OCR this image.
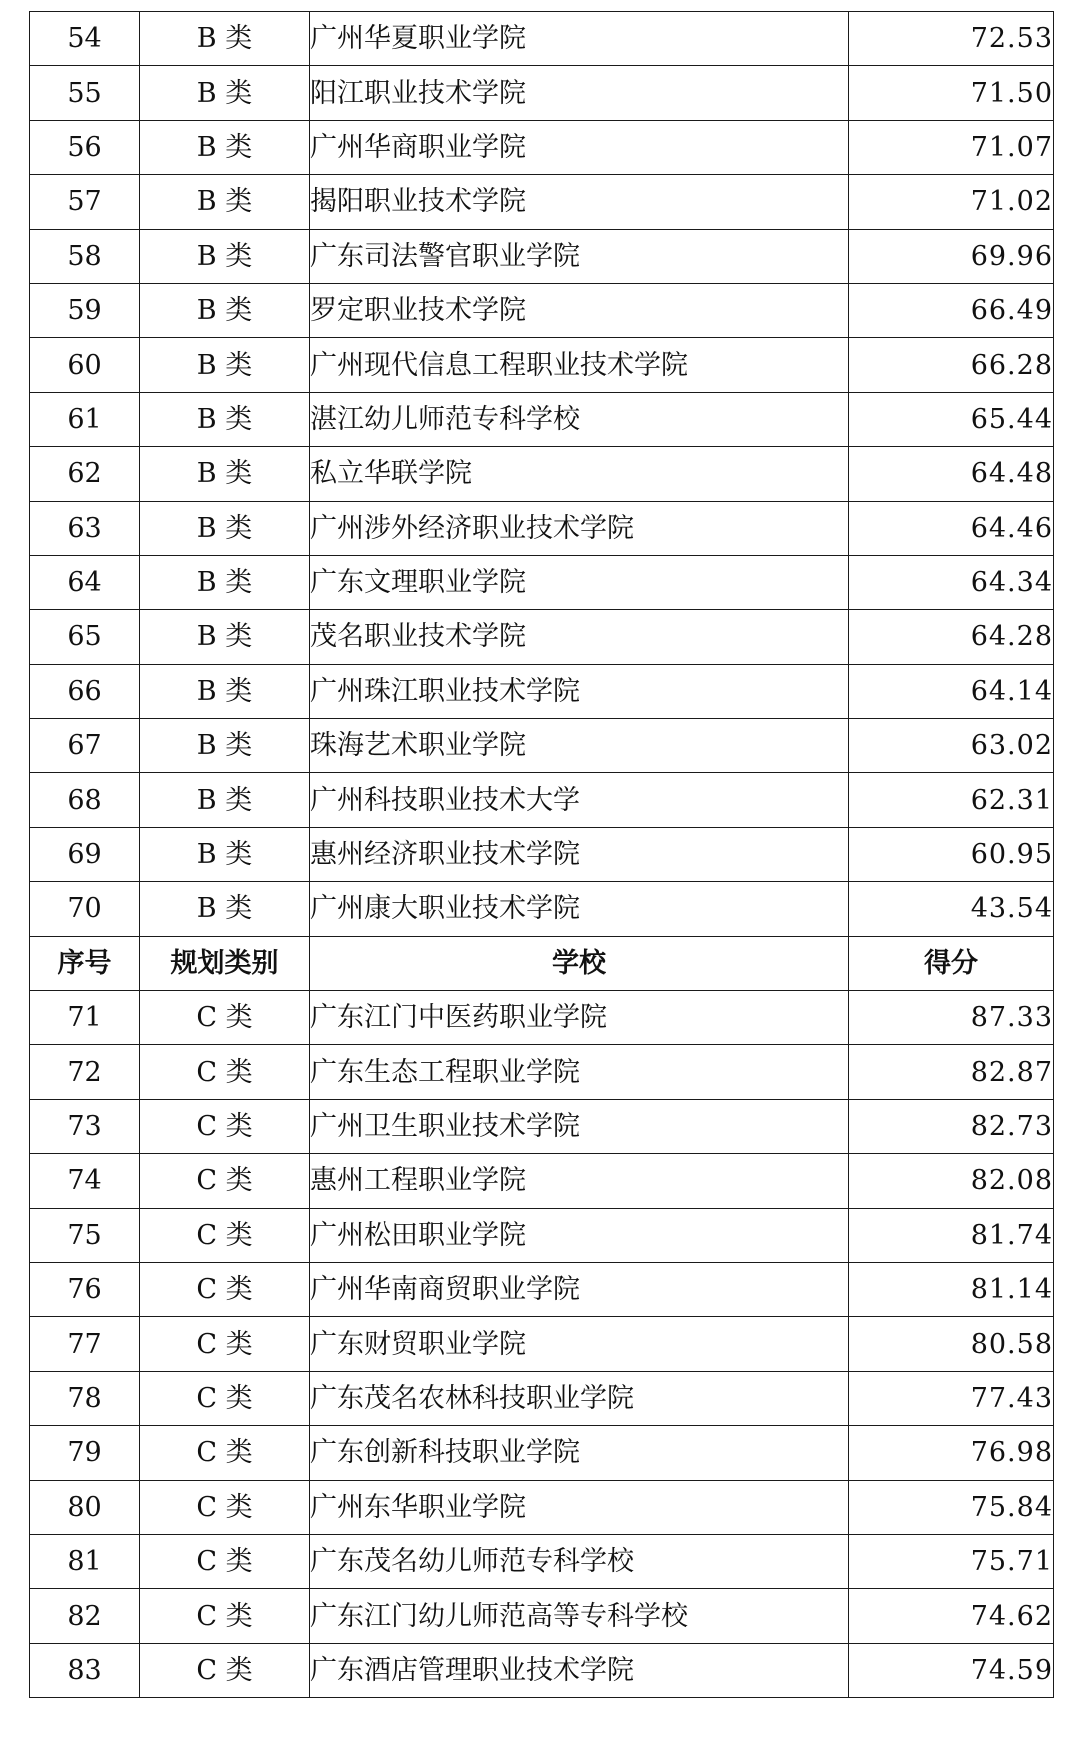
54	B 类	广州华夏职业学院	72.53
55	B 类	阳江职业技术学院	71.50
56	B 类	广州华商职业学院	71.07
57	B 类	揭阳职业技术学院	71.02
58	B 类	广东司法警官职业学院	69.96
59	B 类	罗定职业技术学院	66.49
60	B 类	广州现代信息工程职业技术学院	66.28
61	B 类	湛江幼儿师范专科学校	65.44
62	B 类	私立华联学院	64.48
63	B 类	广州涉外经济职业技术学院	64.46
64	B 类	广东文理职业学院	64.34
65	B 类	茂名职业技术学院	64.28
66	B 类	广州珠江职业技术学院	64.14
67	B 类	珠海艺术职业学院	63.02
68	B 类	广州科技职业技术大学	62.31
69	B 类	惠州经济职业技术学院	60.95
70	B 类	广州康大职业技术学院	43.54
序号	规划类别	学校	得分
71	C 类	广东江门中医药职业学院	87.33
72	C 类	广东生态工程职业学院	82.87
73	C 类	广州卫生职业技术学院	82.73
74	C 类	惠州工程职业学院	82.08
75	C 类	广州松田职业学院	81.74
76	C 类	广州华南商贸职业学院	81.14
77	C 类	广东财贸职业学院	80.58
78	C 类	广东茂名农林科技职业学院	77.43
79	C 类	广东创新科技职业学院	76.98
80	C 类	广州东华职业学院	75.84
81	C 类	广东茂名幼儿师范专科学校	75.71
82	C 类	广东江门幼儿师范高等专科学校	74.62
83	C 类	广东酒店管理职业技术学院	74.59
